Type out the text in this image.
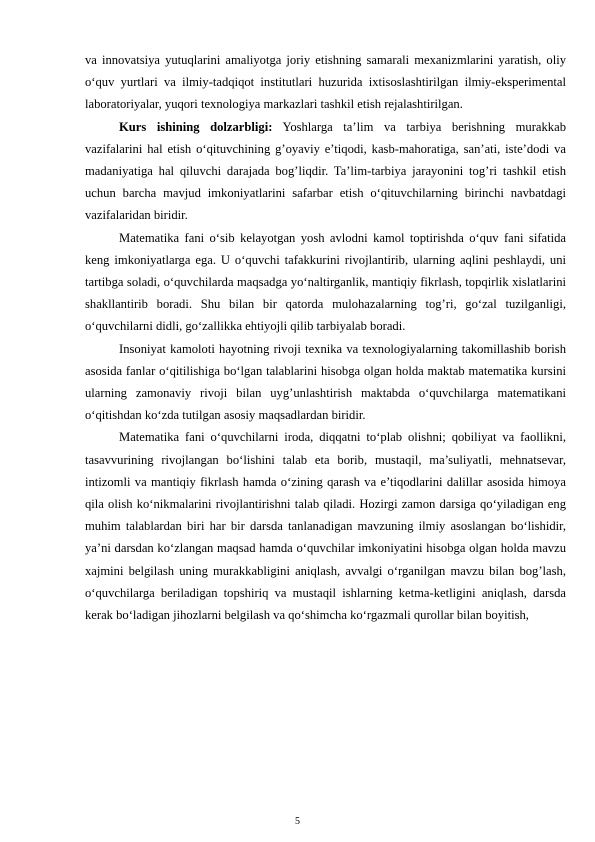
va innovatsiya yutuqlarini amaliyotga joriy etishning samarali mexanizmlarini yaratish, oliy o‘quv yurtlari va ilmiy-tadqiqot institutlari huzurida ixtisoslashtirilgan ilmiy-eksperimental laboratoriyalar, yuqori texnologiya markazlari tashkil etish rejalashtirilgan.

Kurs ishining dolzarbligi: Yoshlarga ta’lim va tarbiya berishning murakkab vazifalarini hal etish o‘qituvchining g’oyaviy e’tiqodi, kasb-mahoratiga, san’ati, iste’dodi va madaniyatiga hal qiluvchi darajada bog’liqdir. Ta’lim-tarbiya jarayonini tog’ri tashkil etish uchun barcha mavjud imkoniyatlarini safarbar etish o‘qituvchilarning birinchi navbatdagi vazifalaridan biridir.

Matematika fani o‘sib kelayotgan yosh avlodni kamol toptirishda o‘quv fani sifatida keng imkoniyatlarga ega. U o‘quvchi tafakkurini rivojlantirib, ularning aqlini peshlaydi, uni tartibga soladi, o‘quvchilarda maqsadga yo‘naltirganlik, mantiqiy fikrlash, topqirlik xislatlarini shakllantirib boradi. Shu bilan bir qatorda mulohazalarning tog’ri, go‘zal tuzilganligi, o‘quvchilarni didli, go‘zallikka ehtiyojli qilib tarbiyalab boradi.

Insoniyat kamoloti hayotning rivoji texnika va texnologiyalarning takomillashib borish asosida fanlar o‘qitilishiga bo‘lgan talablarini hisobga olgan holda maktab matematika kursini ularning zamonaviy rivoji bilan uyg’unlashtirish maktabda o‘quvchilarga matematikani o‘qitishdan ko‘zda tutilgan asosiy maqsadlardan biridir.

Matematika fani o‘quvchilarni iroda, diqqatni to‘plab olishni; qobiliyat va faollikni, tasavvurining rivojlangan bo‘lishini talab eta borib, mustaqil, ma’suliyatli, mehnatsevar, intizomli va mantiqiy fikrlash hamda o‘zining qarash va e’tiqodlarini dalillar asosida himoya qila olish ko‘nikmalarini rivojlantirishni talab qiladi. Hozirgi zamon darsiga qo‘yiladigan eng muhim talablardan biri har bir darsda tanlanadigan mavzuning ilmiy asoslangan bo‘lishidir, ya’ni darsdan ko‘zlangan maqsad hamda o‘quvchilar imkoniyatini hisobga olgan holda mavzu xajmini belgilash uning murakkabligini aniqlash, avvalgi o‘rganilgan mavzu bilan bog’lash, o‘quvchilarga beriladigan topshiriq va mustaqil ishlarning ketma-ketligini aniqlash, darsda kerak bo‘ladigan jihozlarni belgilash va qo‘shimcha ko‘rgazmali qurollar bilan boyitish,

5
